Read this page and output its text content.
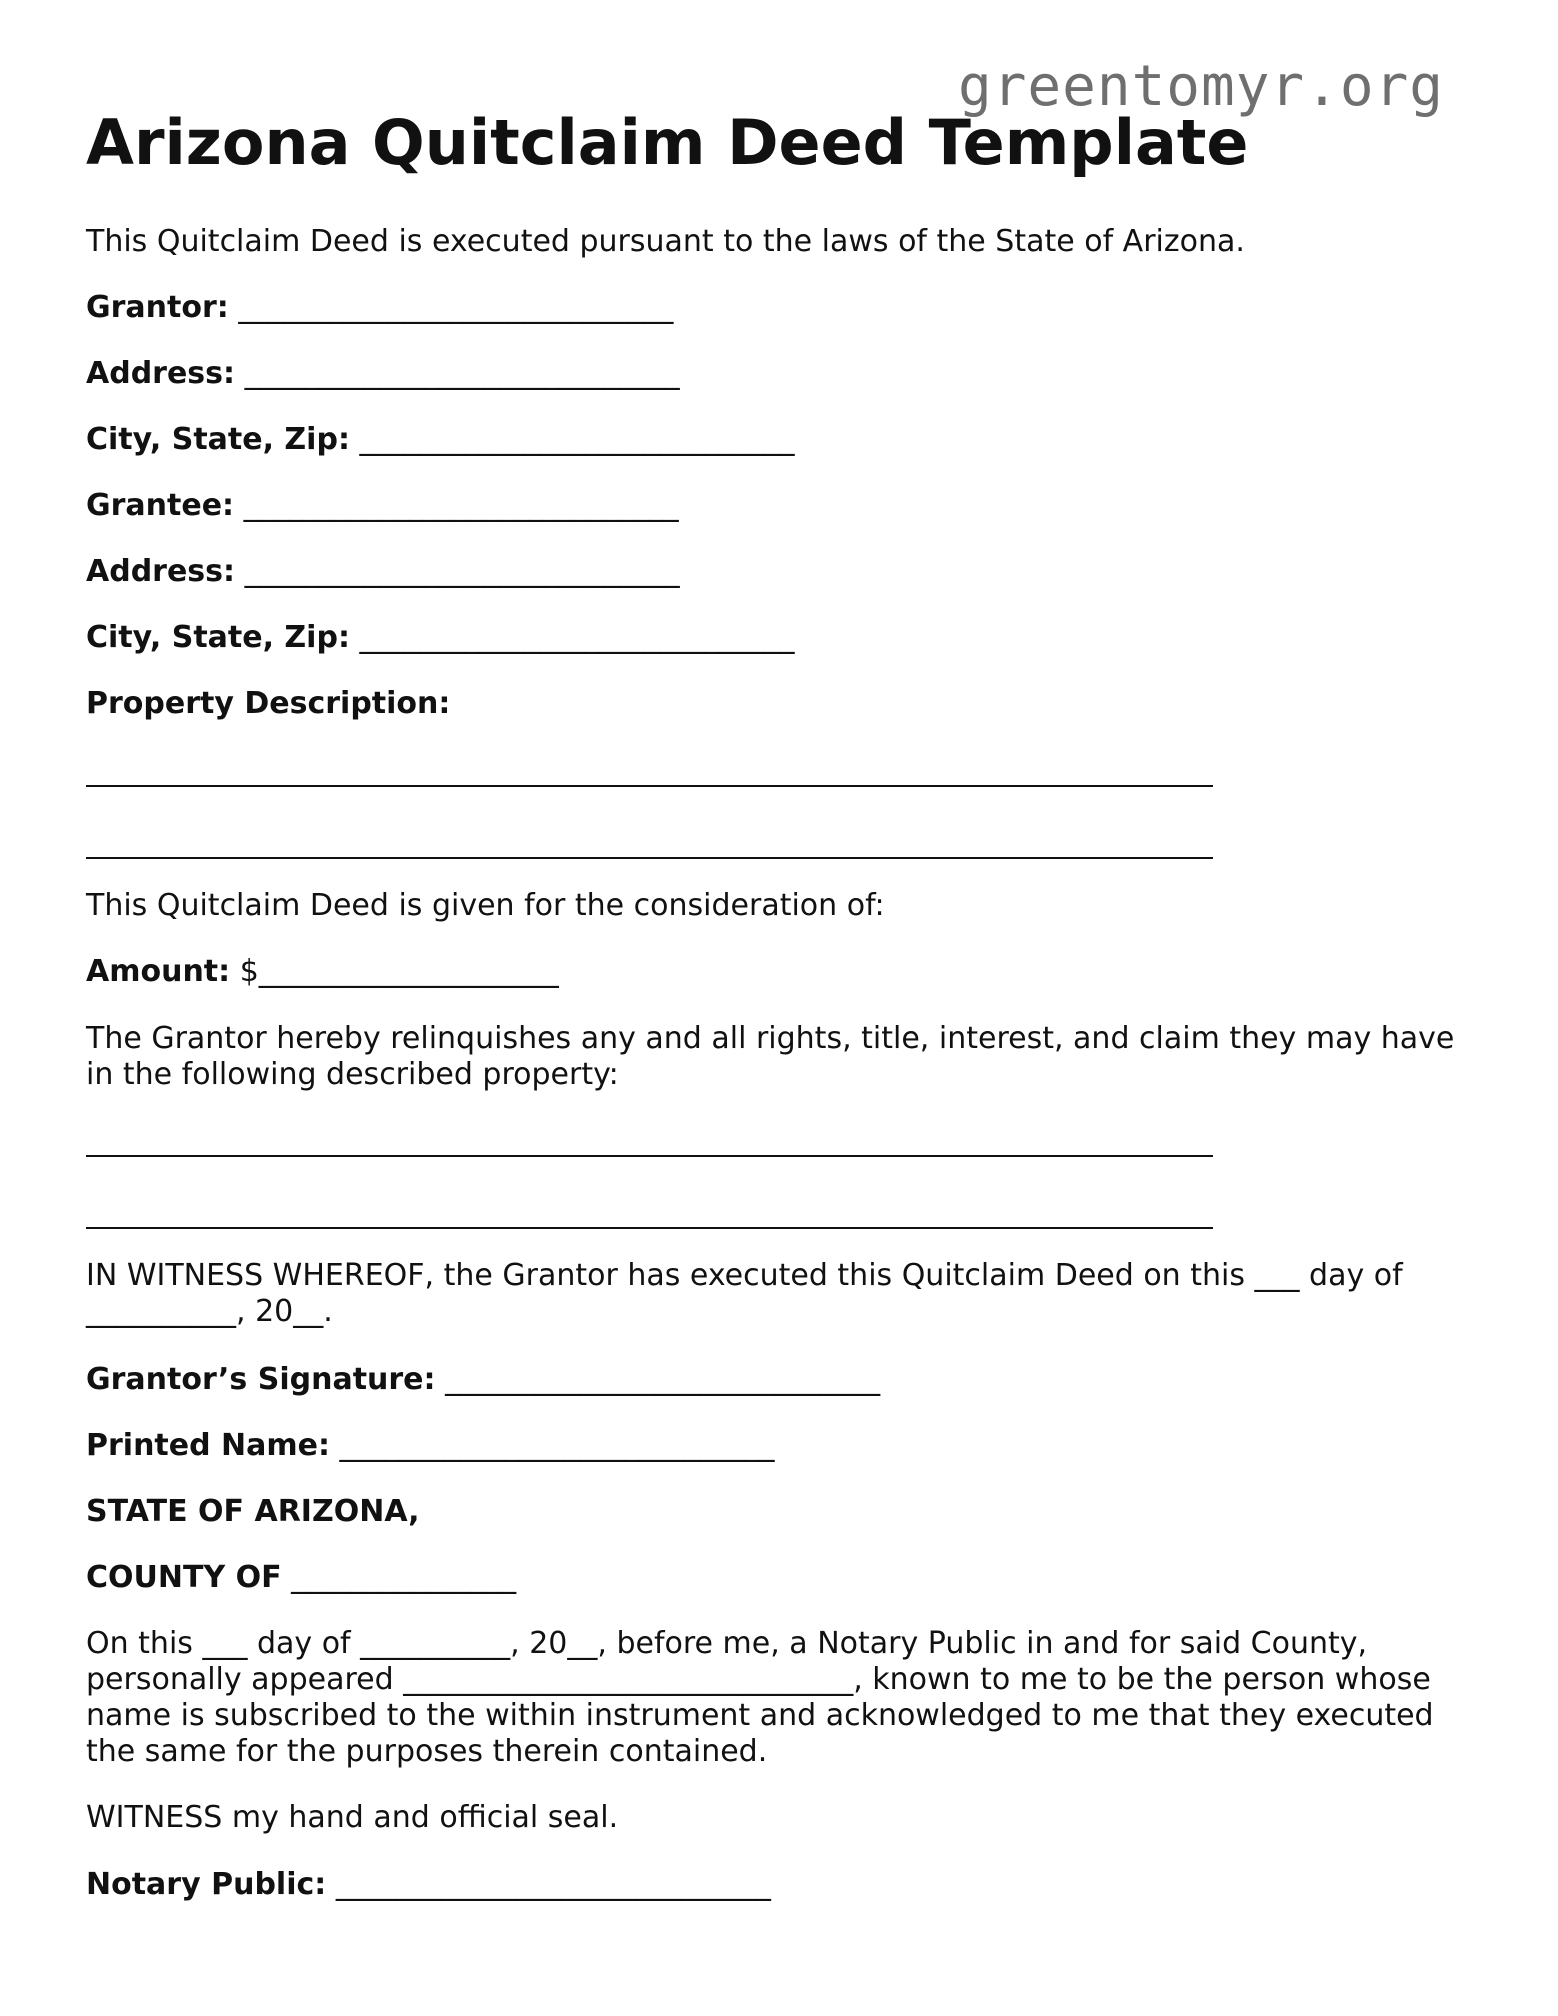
greentomyr.org
Arizona Quitclaim Deed Template
This Quitclaim Deed is executed pursuant to the laws of the State of Arizona.
Grantor: _____________________________
Address: _____________________________
City, State, Zip: _____________________________
Grantee: _____________________________
Address: _____________________________
City, State, Zip: _____________________________
Property Description:
This Quitclaim Deed is given for the consideration of:
Amount: $____________________
The Grantor hereby relinquishes any and all rights, title, interest, and claim they may have in the following described property:
IN WITNESS WHEREOF, the Grantor has executed this Quitclaim Deed on this ___ day of
__________, 20__.
Grantor’s Signature: _____________________________
Printed Name: _____________________________
STATE OF ARIZONA,
COUNTY OF _______________
On this ___ day of __________, 20__, before me, a Notary Public in and for said County,
personally appeared ______________________________, known to me to be the person whose
name is subscribed to the within instrument and acknowledged to me that they executed
the same for the purposes therein contained.
WITNESS my hand and official seal.
Notary Public: _____________________________
